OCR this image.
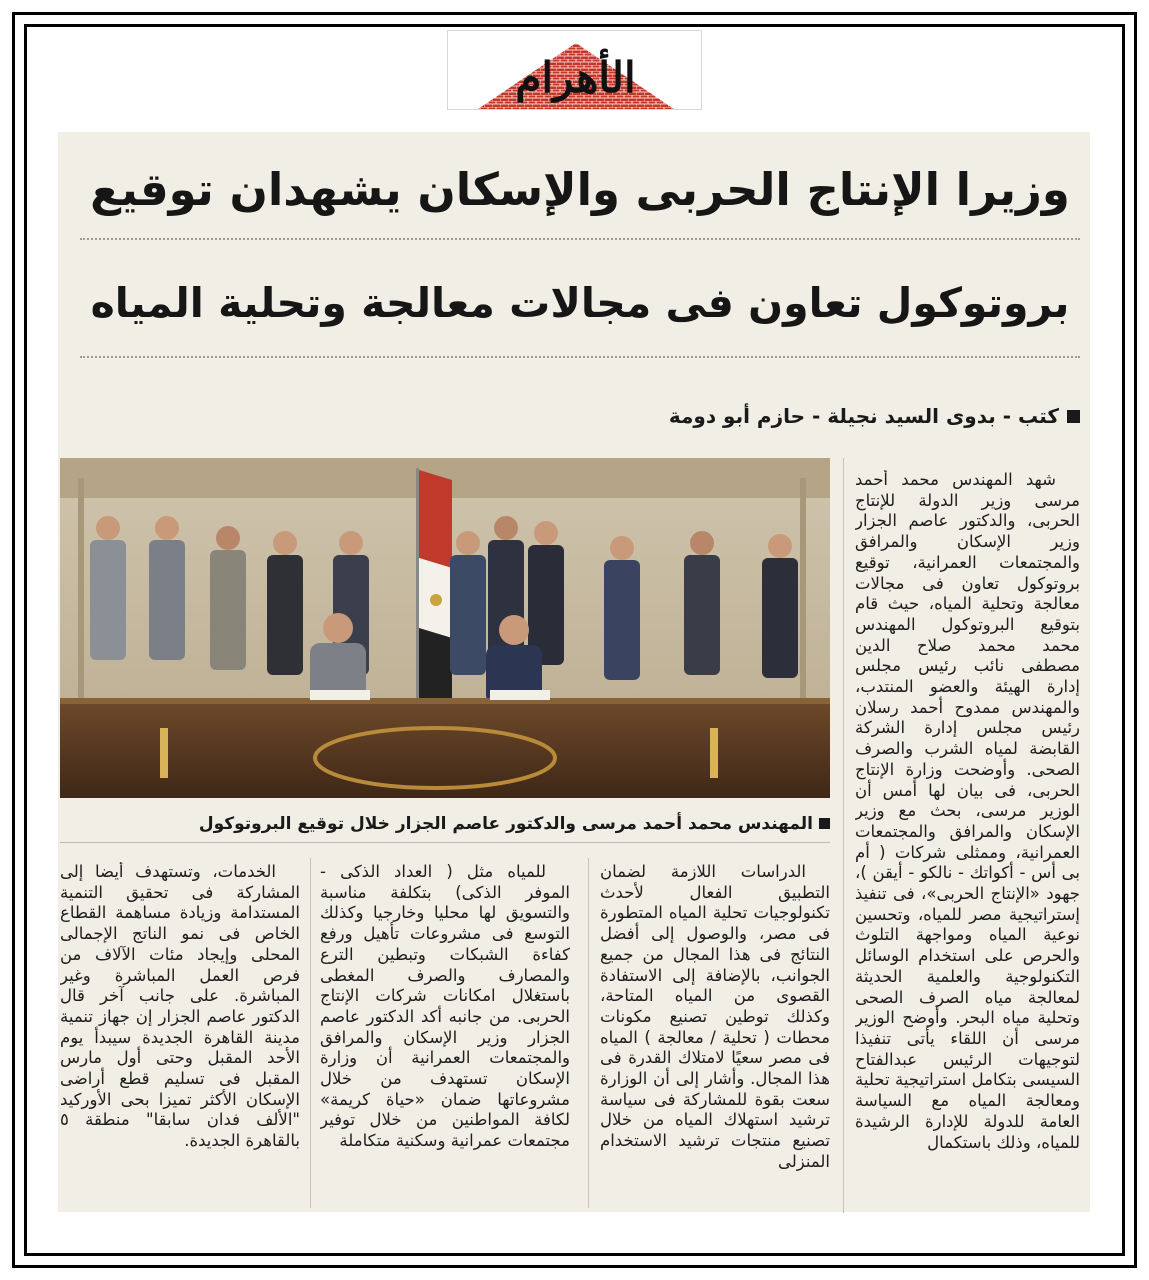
الأهرام
وزيرا الإنتاج الحربى والإسكان يشهدان توقيع
بروتوكول تعاون فى مجالات معالجة وتحلية المياه
كتب - بدوى السيد نجيلة - حازم أبو دومة
المهندس محمد أحمد مرسى والدكتور عاصم الجزار خلال توقيع البروتوكول

شهد المهندس محمد أحمد مرسى وزير الدولة للإنتاج الحربى، والدكتور عاصم الجزار وزير الإسكان والمرافق والمجتمعات العمرانية، توقيع بروتوكول تعاون فى مجالات معالجة وتحلية المياه، حيث قام بتوقيع البروتوكول المهندس محمد محمد صلاح الدين مصطفى نائب رئيس مجلس إدارة الهيئة والعضو المنتدب، والمهندس ممدوح أحمد رسلان رئيس مجلس إدارة الشركة القابضة لمياه الشرب والصرف الصحى. وأوضحت وزارة الإنتاج الحربى، فى بيان لها أمس أن الوزير مرسى، بحث مع وزير الإسكان والمرافق والمجتمعات العمرانية، وممثلى شركات ( أم بى أس - أكواتك - نالكو - أيقن )، جهود «الإنتاج الحربى»، فى تنفيذ إستراتيجية مصر للمياه، وتحسين نوعية المياه ومواجهة التلوث والحرص على استخدام الوسائل التكنولوجية والعلمية الحديثة لمعالجة مياه الصرف الصحى وتحلية مياه البحر. وأوضح الوزير مرسى أن اللقاء يأتى تنفيذا لتوجيهات الرئيس عبدالفتاح السيسى بتكامل استراتيجية تحلية ومعالجة المياه مع السياسة العامة للدولة للإدارة الرشيدة للمياه، وذلك باستكمال

الدراسات اللازمة لضمان التطبيق الفعال لأحدث تكنولوجيات تحلية المياه المتطورة فى مصر، والوصول إلى أفضل النتائج فى هذا المجال من جميع الجوانب، بالإضافة إلى الاستفادة القصوى من المياه المتاحة، وكذلك توطين تصنيع مكونات محطات ( تحلية / معالجة ) المياه فى مصر سعيًا لامتلاك القدرة فى هذا المجال. وأشار إلى أن الوزارة سعت بقوة للمشاركة فى سياسة ترشيد استهلاك المياه من خلال تصنيع منتجات ترشيد الاستخدام المنزلى

للمياه مثل ( العداد الذكى - الموفر الذكى) بتكلفة مناسبة والتسويق لها محليا وخارجيا وكذلك التوسع فى مشروعات تأهيل ورفع كفاءة الشبكات وتبطين الترع والمصارف والصرف المغطى باستغلال امكانات شركات الإنتاج الحربى. من جانبه أكد الدكتور عاصم الجزار وزير الإسكان والمرافق والمجتمعات العمرانية أن وزارة الإسكان تستهدف من خلال مشروعاتها ضمان «حياة كريمة» لكافة المواطنين من خلال توفير مجتمعات عمرانية وسكنية متكاملة

الخدمات، وتستهدف أيضا إلى المشاركة فى تحقيق التنمية المستدامة وزيادة مساهمة القطاع الخاص فى نمو الناتج الإجمالى المحلى وإيجاد مئات الآلاف من فرص العمل المباشرة وغير المباشرة. على جانب آخر قال الدكتور عاصم الجزار إن جهاز تنمية مدينة القاهرة الجديدة سيبدأ يوم الأحد المقبل وحتى أول مارس المقبل فى تسليم قطع أراضى الإسكان الأكثر تميزا بحى الأوركيد "الألف فدان سابقا" منطقة ٥ بالقاهرة الجديدة.
